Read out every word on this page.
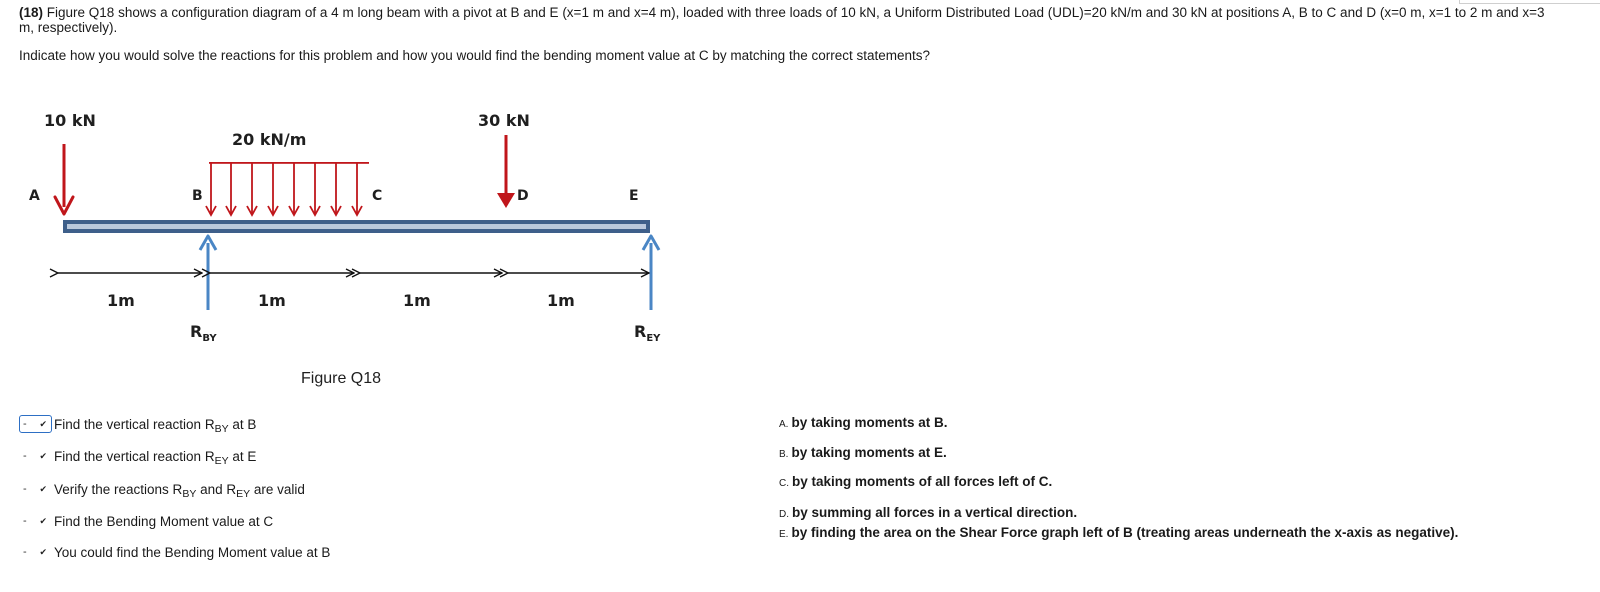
(18) Figure Q18 shows a configuration diagram of a 4 m long beam with a pivot at B and E (x=1 m and x=4 m), loaded with three loads of 10 kN, a Uniform Distributed Load (UDL)=20 kN/m and 30 kN at positions A, B to C and D (x=0 m, x=1 to 2 m and x=3 m, respectively).
Indicate how you would solve the reactions for this problem and how you would find the bending moment value at C by matching the correct statements?
10 kN
20 kN/m
30 kN
A	B	C	D	E
$R_{BY}$	$R_{EY}$
1m	1m	1m	1m
Figure Q18
- ✔ Find the vertical reaction $R_{BY}$ at B
- ✔ Find the vertical reaction $R_{EY}$ at E
- ✔ Verify the reactions $R_{BY}$ and $R_{EY}$ are valid
- ✔ Find the Bending Moment value at C
- ✔ You could find the Bending Moment value at B
A. by taking moments at B.
B. by taking moments at E.
C. by taking moments of all forces left of C.
D. by summing all forces in a vertical direction.
E. by finding the area on the Shear Force graph left of B (treating areas underneath the x-axis as negative).
